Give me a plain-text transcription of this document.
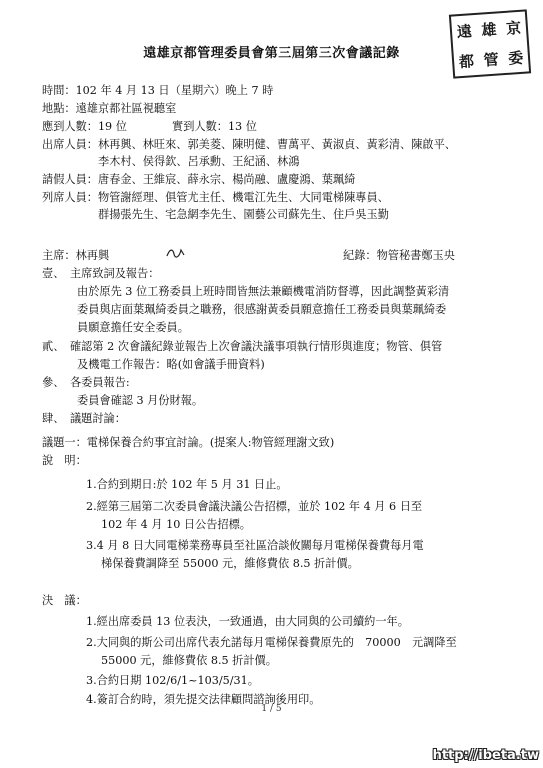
遠雄京都管理委員會第三屆第三次會議記錄
遠 雄 京
都 管 委
時間：102 年 4 月 13 日（星期六）晚上 7 時
地點：遠雄京都社區視聽室
應到人數：19 位	實到人數：13 位
出席人員：林再興、林旺來、郭美菱、陳明健、曹萬平、黃淑貞、黃彩清、陳啟平、
李木村、侯得欽、呂承勳、王紀涵、林鴻
請假人員：唐春金、王維宸、薛永宗、楊尚融、盧慶鴻、葉珮綺
列席人員：物管謝經理、俱管尤主任、機電江先生、大同電梯陳專員、
群揚張先生、宅急網李先生、園藝公司蘇先生、住戶吳玉勤
主席：林再興	紀錄：物管秘書鄭玉央
壹、　主席致詞及報告：
由於原先 3 位工務委員上班時間皆無法兼顧機電消防督導，因此調整黃彩清
委員與店面葉珮綺委員之職務，很感謝黃委員願意擔任工務委員與葉珮綺委
員願意擔任安全委員。
貳、　確認第 2 次會議紀錄並報告上次會議決議事項執行情形與進度；物管、俱管
及機電工作報告：略(如會議手冊資料)
參、　各委員報告:
委員會確認 3 月份財報。
肆、　議題討論：
議題一：電梯保養合約事宜討論。(提案人:物管經理謝文致)
說　明：
1.合約到期日:於 102 年 5 月 31 日止。
2.經第三屆第二次委員會議決議公告招標，並於 102 年 4 月 6 日至
102 年 4 月 10 日公告招標。
3.4 月 8 日大同電梯業務專員至社區洽談攸關每月電梯保養費每月電
梯保養費調降至 55000 元，維修費依 8.5 折計價。
決　議：
1.經出席委員 13 位表決，一致通過，由大同與的公司續約一年。
2.大同與的斯公司出席代表允諾每月電梯保養費原先的　70000　元調降至
55000 元，維修費依 8.5 折計價。
3.合約日期 102/6/1~103/5/31。
4.簽訂合約時，須先提交法律顧問諮詢後用印。
1 / 5
http://ibeta.tw
